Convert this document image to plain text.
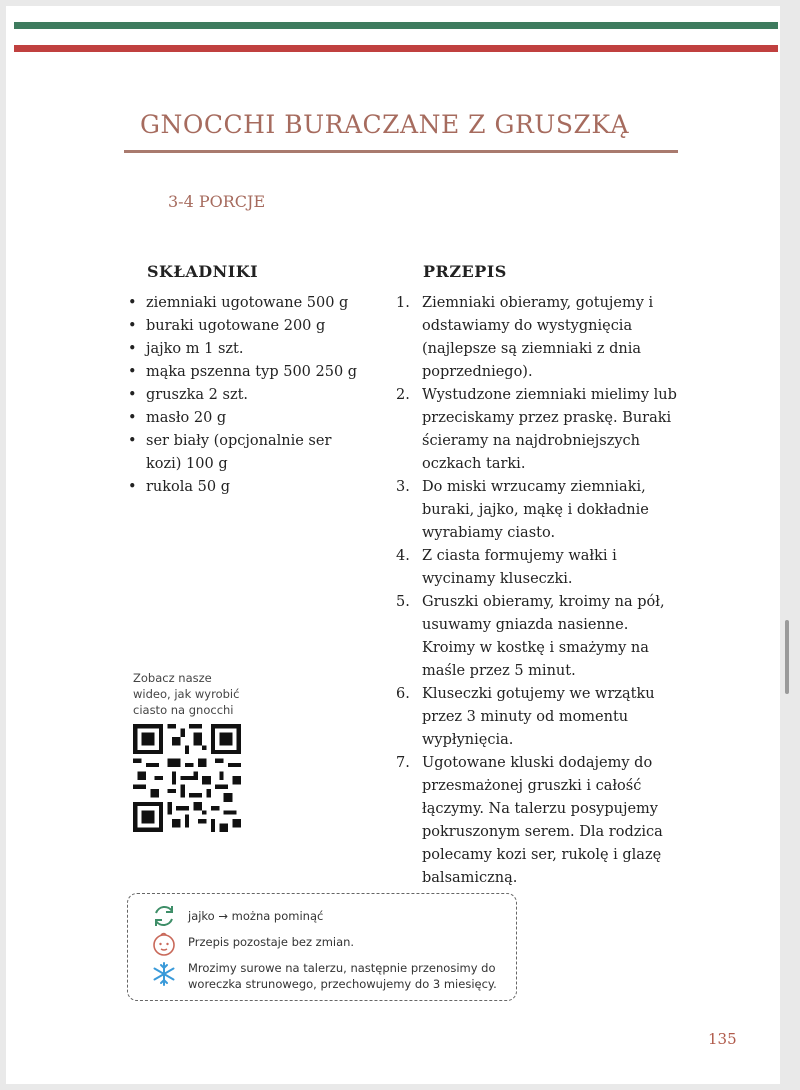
GNOCCHI BURACZANE Z GRUSZKĄ
3-4 PORCJE
SKŁADNIKI
• ziemniaki ugotowane 500 g
• buraki ugotowane 200 g
• jajko m 1 szt.
• mąka pszenna typ 500 250 g
• gruszka 2 szt.
• masło 20 g
• ser biały (opcjonalnie ser kozi) 100 g
• rukola 50 g
PRZEPIS
1. Ziemniaki obieramy, gotujemy i odstawiamy do wystygnięcia (najlepsze są ziemniaki z dnia poprzedniego).
2. Wystudzone ziemniaki mielimy lub przeciskamy przez praskę. Buraki ścieramy na najdrobniejszych oczkach tarki.
3. Do miski wrzucamy ziemniaki, buraki, jajko, mąkę i dokładnie wyrabiamy ciasto.
4. Z ciasta formujemy wałki i wycinamy kluseczki.
5. Gruszki obieramy, kroimy na pół, usuwamy gniazda nasienne. Kroimy w kostkę i smażymy na maśle przez 5 minut.
6. Kluseczki gotujemy we wrzątku przez 3 minuty od momentu wypłynięcia.
7. Ugotowane kluski dodajemy do przesmażonej gruszki i całość łączymy. Na talerzu posypujemy pokruszonym serem. Dla rodzica polecamy kozi ser, rukolę i glazę balsamiczną.
Zobacz nasze wideo, jak wyrobić ciasto na gnocchi
jajko → można pominąć
Przepis pozostaje bez zmian.
Mrozimy surowe na talerzu, następnie przenosimy do woreczka strunowego, przechowujemy do 3 miesięcy.
135
